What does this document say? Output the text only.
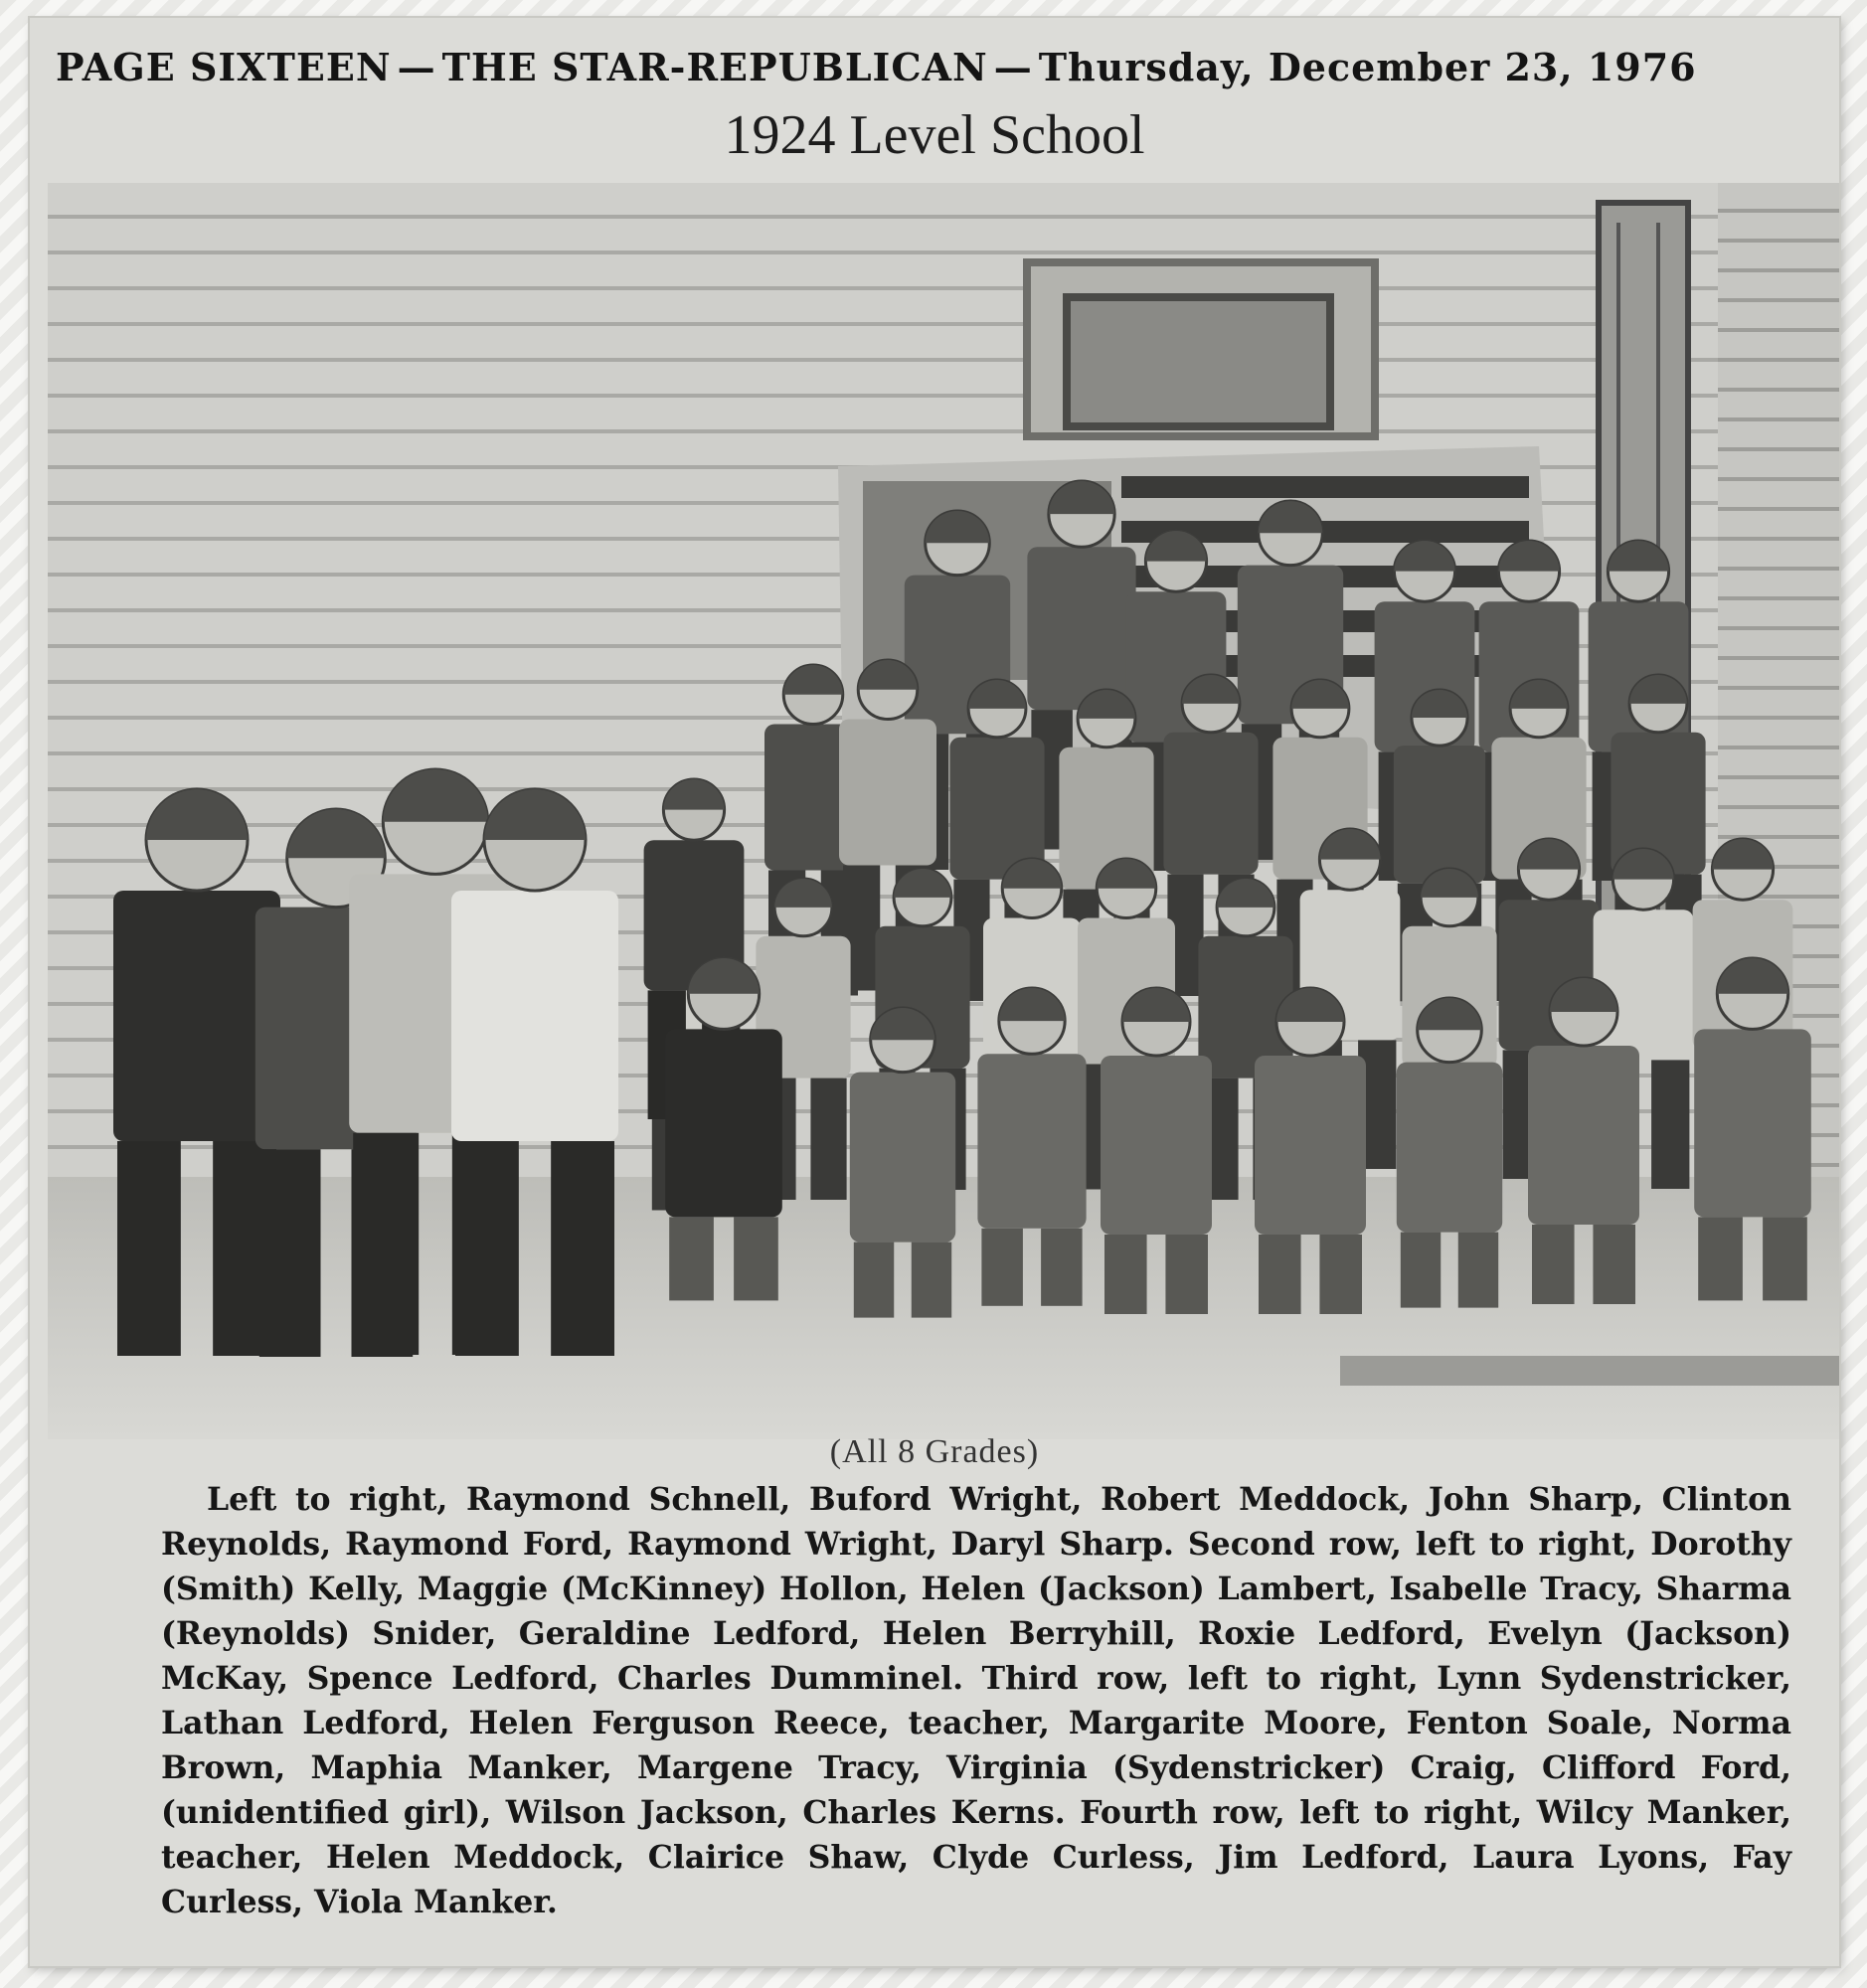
PAGE SIXTEEN — THE STAR-REPUBLICAN — Thursday, December 23, 1976
1924 Level School
(All 8 Grades)

Left to right, Raymond Schnell, Buford Wright, Robert Meddock, John Sharp, Clinton Reynolds, Raymond Ford, Raymond Wright, Daryl Sharp. Second row, left to right, Dorothy (Smith) Kelly, Maggie (McKinney) Hollon, Helen (Jackson) Lambert, Isabelle Tracy, Sharma (Reynolds) Snider, Geraldine Ledford, Helen Berryhill, Roxie Ledford, Evelyn (Jackson) McKay, Spence Ledford, Charles Dumminel. Third row, left to right, Lynn Sydenstricker, Lathan Ledford, Helen Ferguson Reece, teacher, Margarite Moore, Fenton Soale, Norma Brown, Maphia Manker, Margene Tracy, Virginia (Sydenstricker) Craig, Clifford Ford, (unidentified girl), Wilson Jackson, Charles Kerns. Fourth row, left to right, Wilcy Manker, teacher, Helen Meddock, Clairice Shaw, Clyde Curless, Jim Ledford, Laura Lyons, Fay Curless, Viola Manker.
